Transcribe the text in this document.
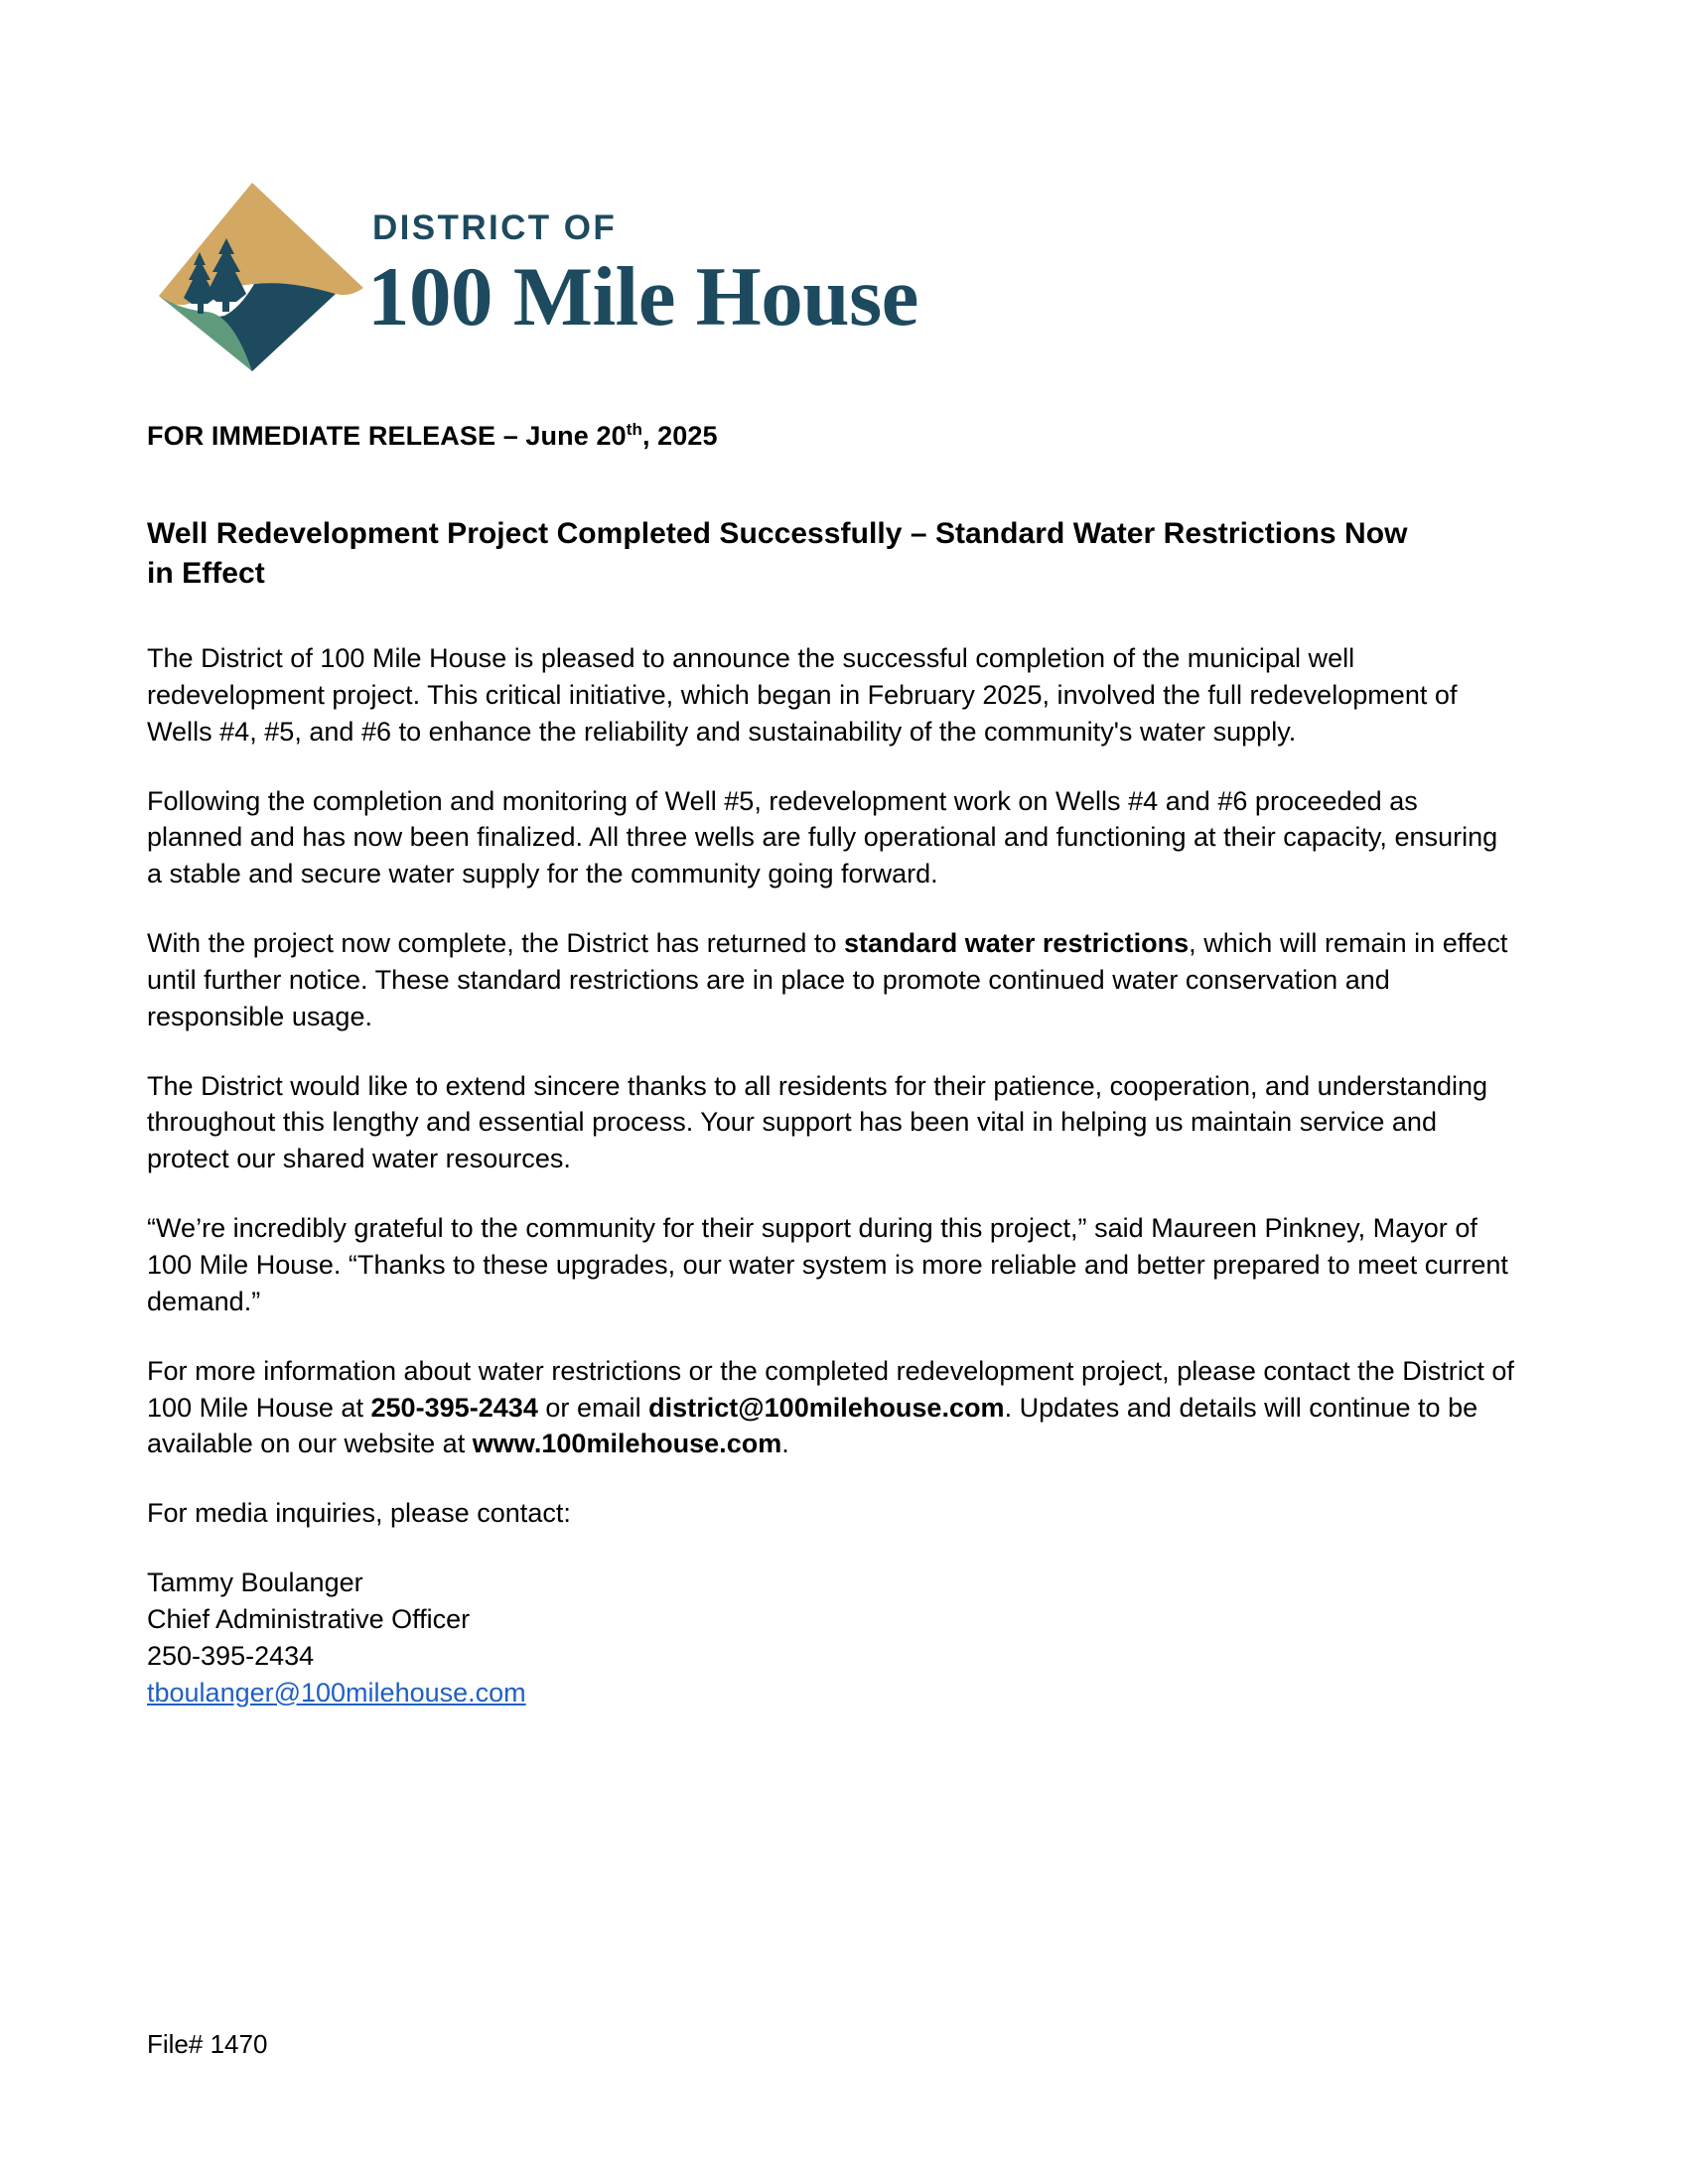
DISTRICT OF
100 Mile House
FOR IMMEDIATE RELEASE – June 20th, 2025
Well Redevelopment Project Completed Successfully – Standard Water Restrictions Now in Effect

The District of 100 Mile House is pleased to announce the successful completion of the municipal well redevelopment project. This critical initiative, which began in February 2025, involved the full redevelopment of Wells #4, #5, and #6 to enhance the reliability and sustainability of the community's water supply.

Following the completion and monitoring of Well #5, redevelopment work on Wells #4 and #6 proceeded as planned and has now been finalized. All three wells are fully operational and functioning at their capacity, ensuring a stable and secure water supply for the community going forward.

With the project now complete, the District has returned to standard water restrictions, which will remain in effect until further notice. These standard restrictions are in place to promote continued water conservation and responsible usage.

The District would like to extend sincere thanks to all residents for their patience, cooperation, and understanding throughout this lengthy and essential process. Your support has been vital in helping us maintain service and protect our shared water resources.

“We’re incredibly grateful to the community for their support during this project,” said Maureen Pinkney, Mayor of 100 Mile House. “Thanks to these upgrades, our water system is more reliable and better prepared to meet current demand.”

For more information about water restrictions or the completed redevelopment project, please contact the District of 100 Mile House at 250-395-2434 or email district@100milehouse.com. Updates and details will continue to be available on our website at www.100milehouse.com.

For media inquiries, please contact:

Tammy Boulanger

Chief Administrative Officer

250-395-2434

tboulanger@100milehouse.com

File# 1470
